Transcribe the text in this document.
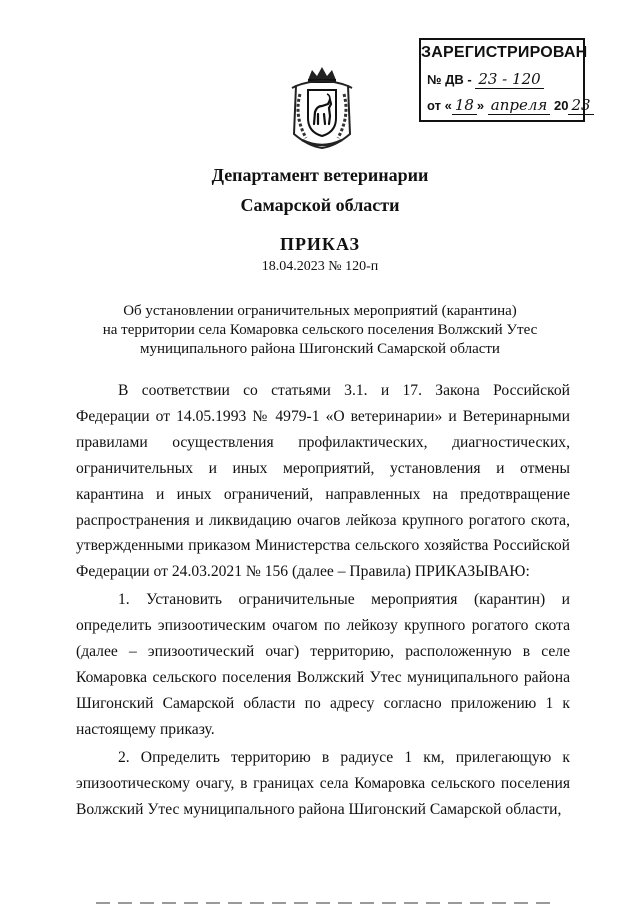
ЗАРЕГИСТРИРОВАН
№ ДВ - 23 - 120
от « 18 » апреля 20 23
Департамент ветеринарии
Самарской области
ПРИКАЗ
18.04.2023 № 120-п
Об установлении ограничительных мероприятий (карантина)
на территории села Комаровка сельского поселения Волжский Утес
муниципального района Шигонский Самарской области

В соответствии со статьями 3.1. и 17. Закона Российской Федерации от 14.05.1993 № 4979-1 «О ветеринарии» и Ветеринарными правилами осуществления профилактических, диагностических, ограничительных и иных мероприятий, установления и отмены карантина и иных ограничений, направленных на предотвращение распространения и ликвидацию очагов лейкоза крупного рогатого скота, утвержденными приказом Министерства сельского хозяйства Российской Федерации от 24.03.2021 № 156 (далее – Правила) ПРИКАЗЫВАЮ:

1. Установить ограничительные мероприятия (карантин) и определить эпизоотическим очагом по лейкозу крупного рогатого скота (далее – эпизоотический очаг) территорию, расположенную в селе Комаровка сельского поселения Волжский Утес муниципального района Шигонский Самарской области по адресу согласно приложению 1 к настоящему приказу.

2. Определить территорию в радиусе 1 км, прилегающую к эпизоотическому очагу, в границах села Комаровка сельского поселения Волжский Утес муниципального района Шигонский Самарской области,
